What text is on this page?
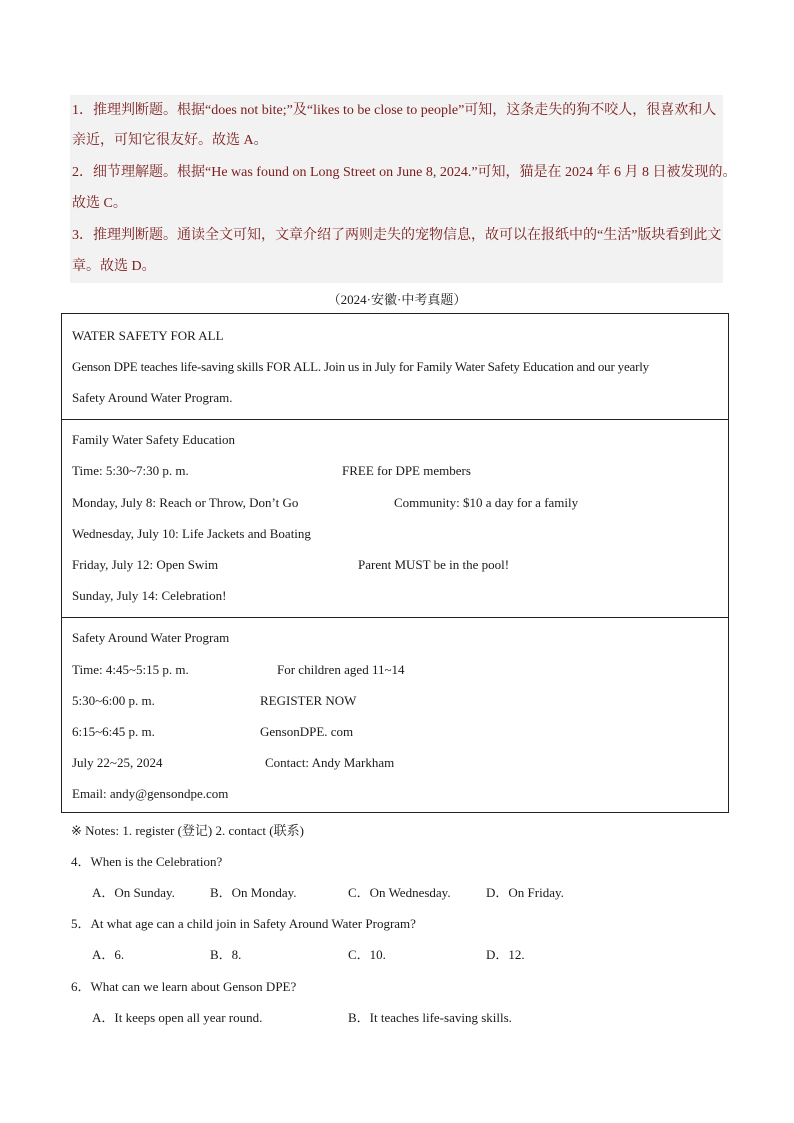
1．推理判断题。根据“does not bite;”及“likes to be close to people”可知，这条走失的狗不咬人，很喜欢和人
亲近，可知它很友好。故选 A。
2．细节理解题。根据“He was found on Long Street on June 8, 2024.”可知，猫是在 2024 年 6 月 8 日被发现的。
故选 C。
3．推理判断题。通读全文可知，文章介绍了两则走失的宠物信息，故可以在报纸中的“生活”版块看到此文
章。故选 D。
（2024·安徽·中考真题）
WATER SAFETY FOR ALL
Genson DPE teaches life-saving skills FOR ALL. Join us in July for Family Water Safety Education and our yearly
Safety Around Water Program.
Family Water Safety Education
Time: 5:30~7:30 p. m.	FREE for DPE members
Monday, July 8: Reach or Throw, Don’t Go	Community: $10 a day for a family
Wednesday, July 10: Life Jackets and Boating
Friday, July 12: Open Swim	Parent MUST be in the pool!
Sunday, July 14: Celebration!
Safety Around Water Program
Time: 4:45~5:15 p. m.	For children aged 11~14
5:30~6:00 p. m.	REGISTER NOW
6:15~6:45 p. m.	GensonDPE. com
July 22~25, 2024	Contact: Andy Markham
Email: andy@gensondpe.com
※ Notes: 1. register (登记) 2. contact (联系)
4．When is the Celebration?
A．On Sunday.	B．On Monday.	C．On Wednesday.	D．On Friday.
5．At what age can a child join in Safety Around Water Program?
A．6.	B．8.	C．10.	D．12.
6．What can we learn about Genson DPE?
A．It keeps open all year round.	B．It teaches life-saving skills.
